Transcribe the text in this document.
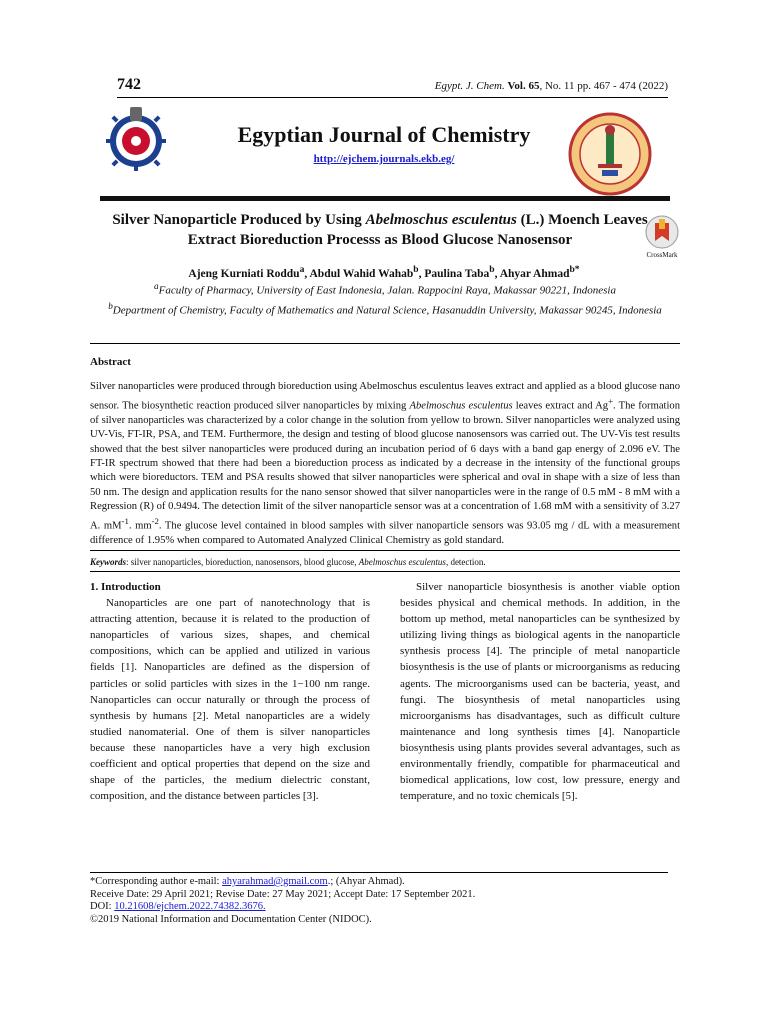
742	Egypt. J. Chem. Vol. 65, No. 11 pp. 467 - 474 (2022)
Egyptian Journal of Chemistry
http://ejchem.journals.ekb.eg/
Silver Nanoparticle Produced by Using Abelmoschus esculentus (L.) Moench Leaves Extract Bioreduction Processs as Blood Glucose Nanosensor
CrossMark
Ajeng Kurniati Roddu$^a$, Abdul Wahid Wahab$^b$, Paulina Taba$^b$, Ahyar Ahmad$^{b*}$
$^a$Faculty of Pharmacy, University of East Indonesia, Jalan. Rappocini Raya, Makassar 90221, Indonesia
$^b$Department of Chemistry, Faculty of Mathematics and Natural Science, Hasanuddin University, Makassar 90245, Indonesia
Abstract
Silver nanoparticles were produced through bioreduction using Abelmoschus esculentus leaves extract and applied as a blood glucose nano sensor. The biosynthetic reaction produced silver nanoparticles by mixing Abelmoschus esculentus leaves extract and Ag+. The formation of silver nanoparticles was characterized by a color change in the solution from yellow to brown. Silver nanoparticles were analyzed using UV-Vis, FT-IR, PSA, and TEM. Furthermore, the design and testing of blood glucose nanosensors was carried out. The UV-Vis test results showed that the best silver nanoparticles were produced during an incubation period of 6 days with a band gap energy of 2.096 eV. The FT-IR spectrum showed that there had been a bioreduction process as indicated by a decrease in the intensity of the functional groups which were bioreductors. TEM and PSA results showed that silver nanoparticles were spherical and oval in shape with a size of less than 50 nm. The design and application results for the nano sensor showed that silver nanoparticles were in the range of 0.5 mM - 8 mM with a Regression (R) of 0.9494. The detection limit of the silver nanoparticle sensor was at a concentration of 1.68 mM with a sensitivity of 3.27 A. $mM^{-1}$. $mm^{-2}$. The glucose level contained in blood samples with silver nanoparticle sensors was 93.05 mg / dL with a measurement difference of 1.95% when compared to Automated Analyzed Clinical Chemistry as gold standard.
Keywords: silver nanoparticles, bioreduction, nanosensors, blood glucose, Abelmoschus esculentus, detection.
1. Introduction
Nanoparticles are one part of nanotechnology that is attracting attention, because it is related to the production of nanoparticles of various sizes, shapes, and chemical compositions, which can be applied and utilized in various fields [1]. Nanoparticles are defined as the dispersion of particles or solid particles with sizes in the 1−100 nm range. Nanoparticles can occur naturally or through the process of synthesis by humans [2]. Metal nanoparticles are a widely studied nanomaterial. One of them is silver nanoparticles because these nanoparticles have a very high exclusion coefficient and optical properties that depend on the size and shape of the particles, the medium dielectric constant, composition, and the distance between particles [3].
Silver nanoparticle biosynthesis is another viable option besides physical and chemical methods. In addition, in the bottom up method, metal nanoparticles can be synthesized by utilizing living things as biological agents in the nanoparticle synthesis process [4]. The principle of metal nanoparticle biosynthesis is the use of plants or microorganisms as reducing agents. The microorganisms used can be bacteria, yeast, and fungi. The biosynthesis of metal nanoparticles using microorganisms has disadvantages, such as difficult culture maintenance and long synthesis times [4]. Nanoparticle biosynthesis using plants provides several advantages, such as environmentally friendly, compatible for pharmaceutical and biomedical applications, low cost, low pressure, energy and temperature, and no toxic chemicals [5].
*Corresponding author e-mail: ahyarahmad@gmail.com.; (Ahyar Ahmad).
Receive Date: 29 April 2021; Revise Date: 27 May 2021; Accept Date: 17 September 2021.
DOI: 10.21608/ejchem.2022.74382.3676.
©2019 National Information and Documentation Center (NIDOC).
